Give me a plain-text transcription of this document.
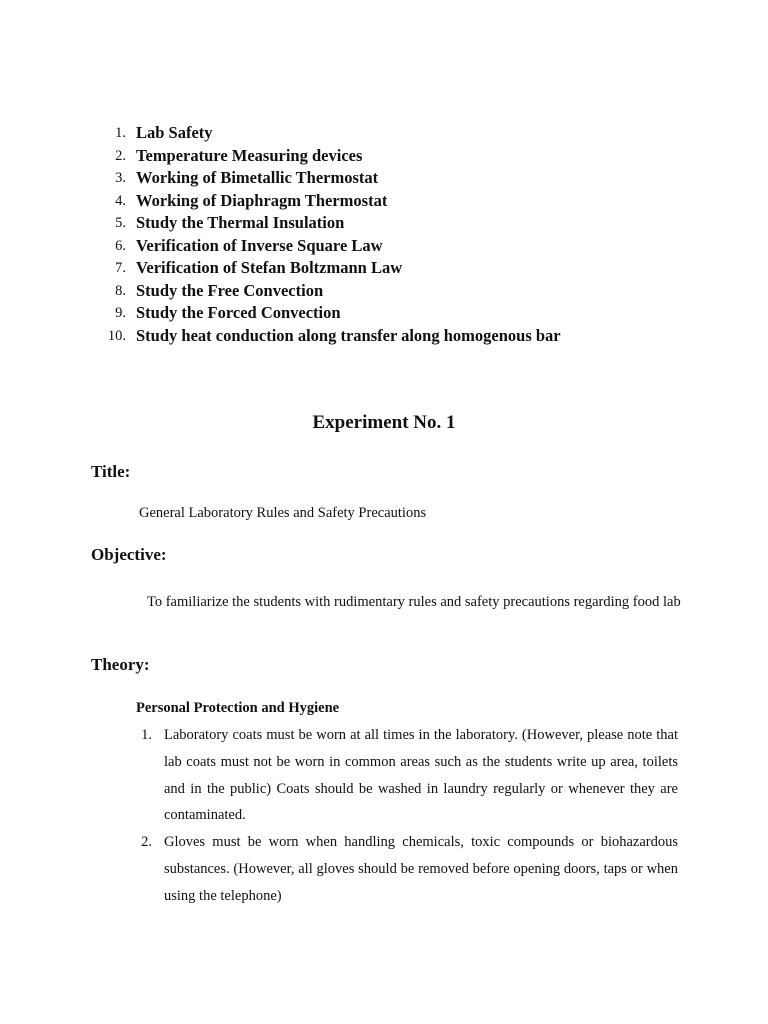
1. Lab Safety
2. Temperature Measuring devices
3. Working of Bimetallic Thermostat
4. Working of Diaphragm Thermostat
5. Study the Thermal Insulation
6. Verification of Inverse Square Law
7. Verification of Stefan Boltzmann Law
8. Study the Free Convection
9. Study the Forced Convection
10. Study heat conduction along transfer along homogenous bar
Experiment No. 1
Title:
General Laboratory Rules and Safety Precautions
Objective:
To familiarize the students with rudimentary rules and safety precautions regarding food lab
Theory:
Personal Protection and Hygiene
1. Laboratory coats must be worn at all times in the laboratory. (However, please note that lab coats must not be worn in common areas such as the students write up area, toilets and in the public) Coats should be washed in laundry regularly or whenever they are contaminated.
2. Gloves must be worn when handling chemicals, toxic compounds or biohazardous substances. (However, all gloves should be removed before opening doors, taps or when using the telephone)
